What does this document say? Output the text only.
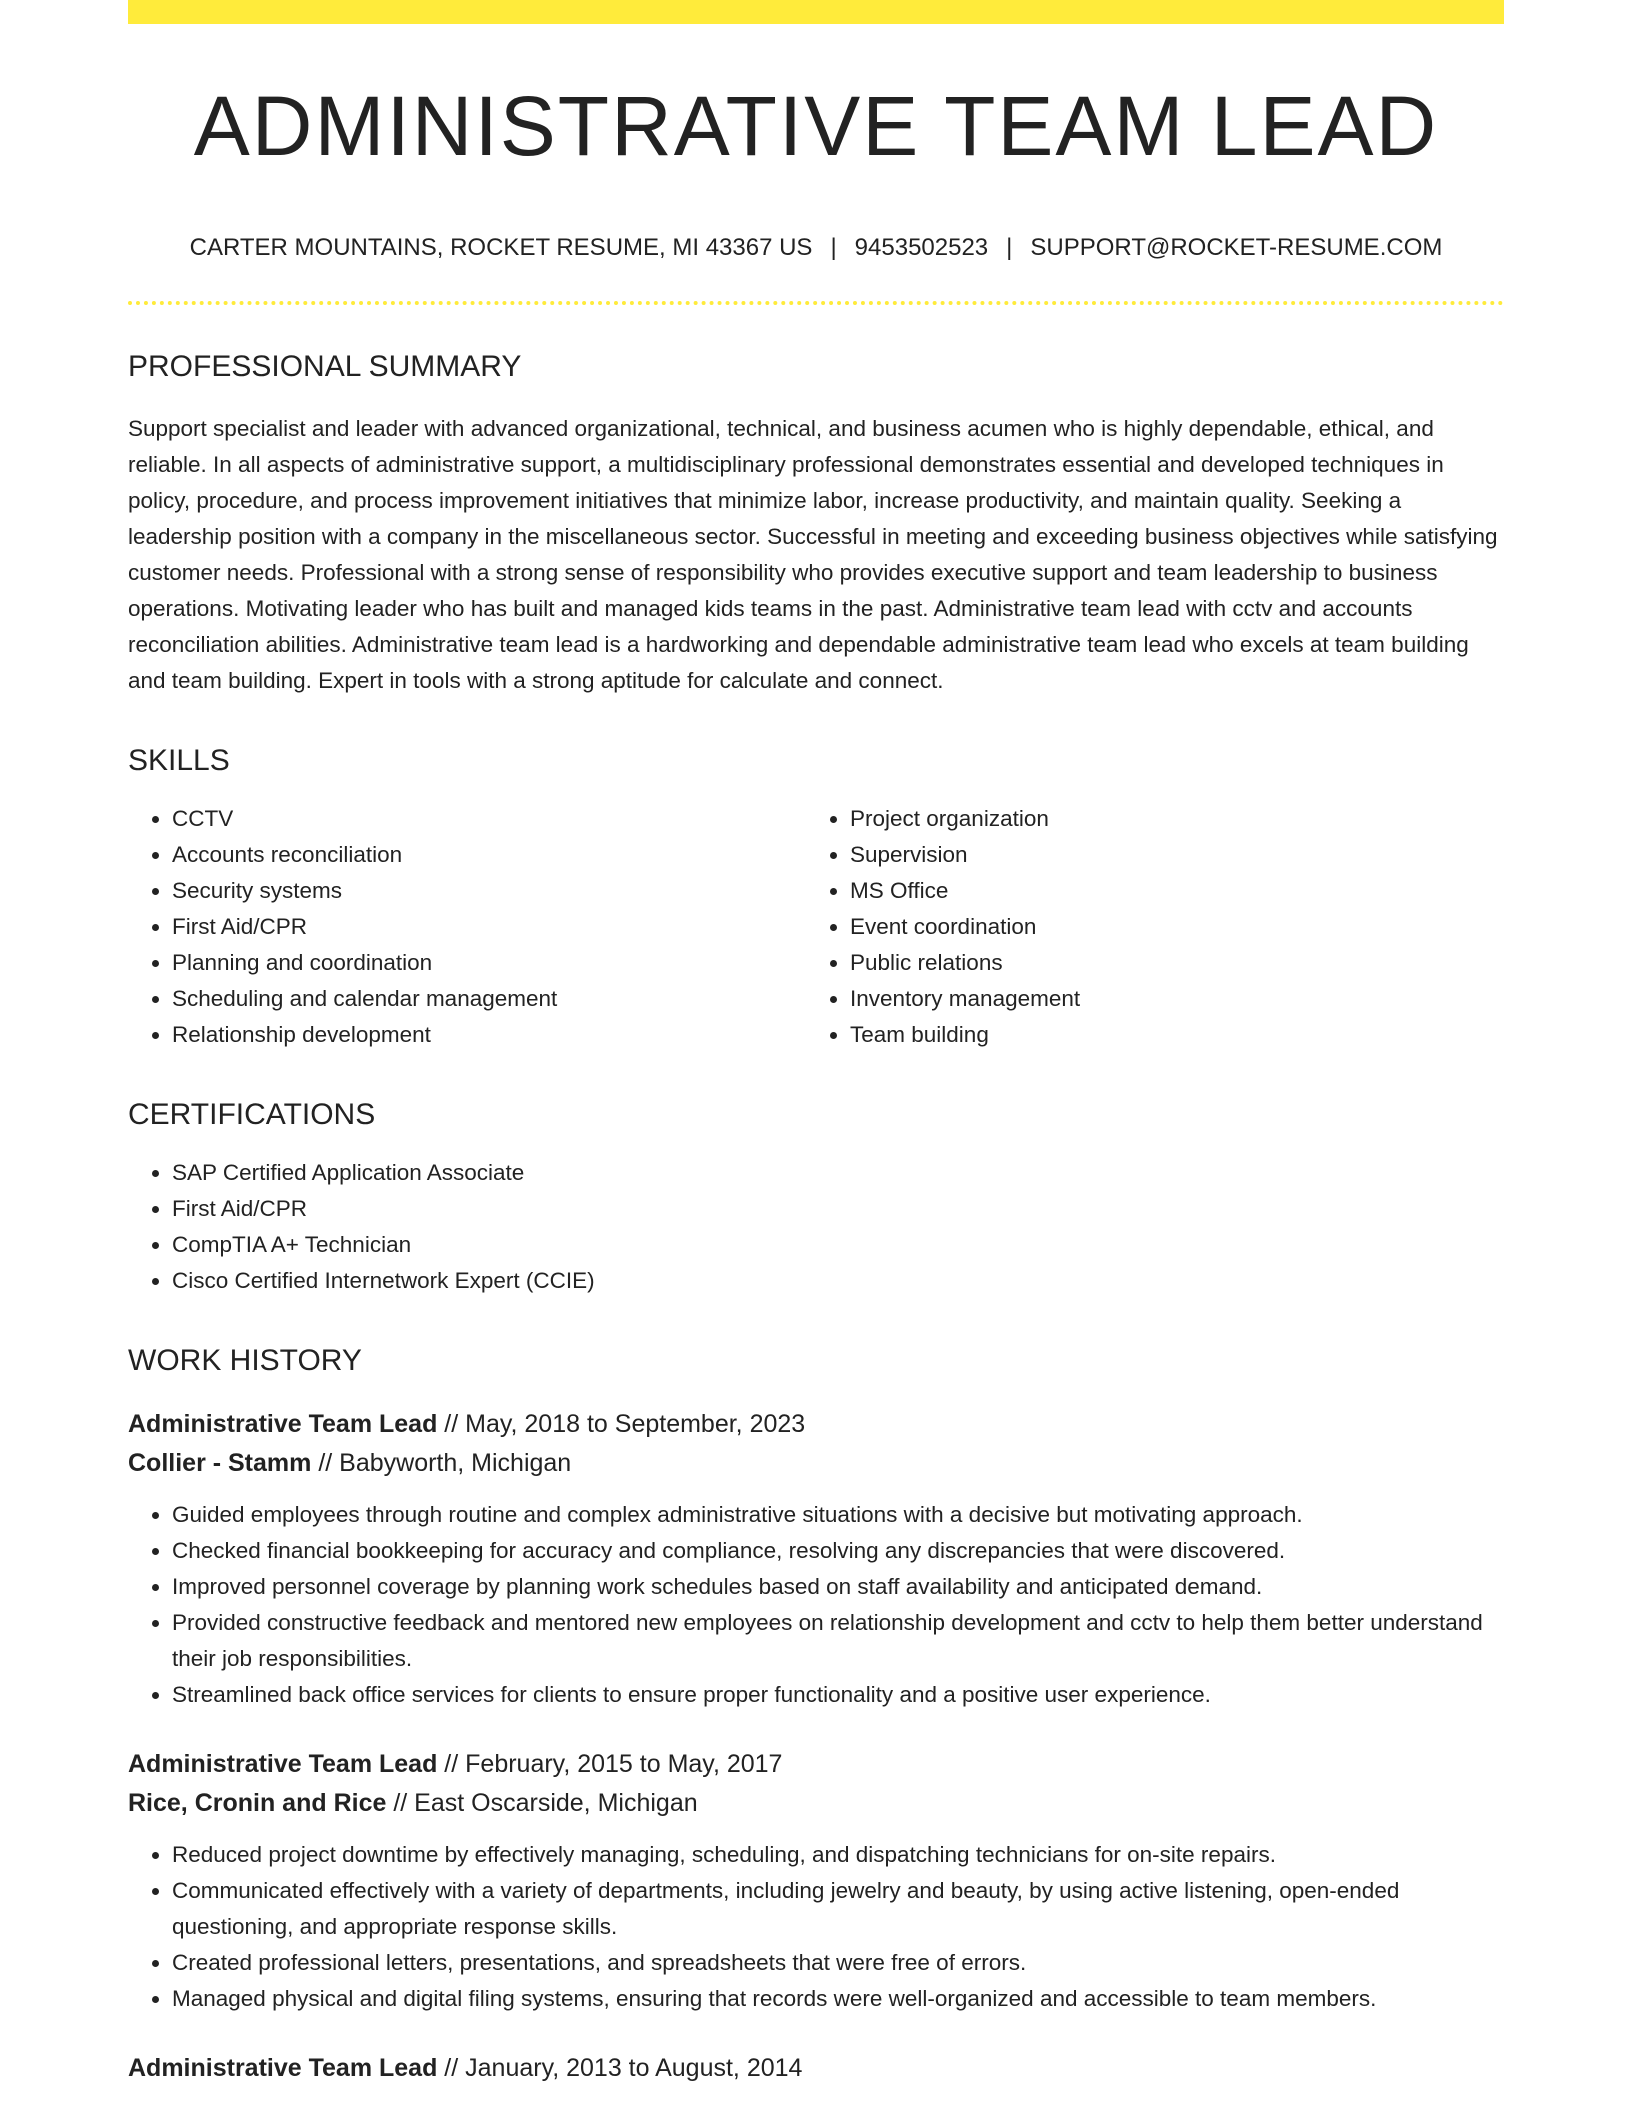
ADMINISTRATIVE TEAM LEAD
CARTER MOUNTAINS, ROCKET RESUME, MI 43367 US | 9453502523 | SUPPORT@ROCKET-RESUME.COM
PROFESSIONAL SUMMARY

Support specialist and leader with advanced organizational, technical, and business acumen who is highly dependable, ethical, and reliable. In all aspects of administrative support, a multidisciplinary professional demonstrates essential and developed techniques in policy, procedure, and process improvement initiatives that minimize labor, increase productivity, and maintain quality. Seeking a leadership position with a company in the miscellaneous sector. Successful in meeting and exceeding business objectives while satisfying customer needs. Professional with a strong sense of responsibility who provides executive support and team leadership to business operations. Motivating leader who has built and managed kids teams in the past. Administrative team lead with cctv and accounts reconciliation abilities. Administrative team lead is a hardworking and dependable administrative team lead who excels at team building and team building. Expert in tools with a strong aptitude for calculate and connect.

SKILLS
• CCTV
• Accounts reconciliation
• Security systems
• First Aid/CPR
• Planning and coordination
• Scheduling and calendar management
• Relationship development
• Project organization
• Supervision
• MS Office
• Event coordination
• Public relations
• Inventory management
• Team building
CERTIFICATIONS
• SAP Certified Application Associate
• First Aid/CPR
• CompTIA A+ Technician
• Cisco Certified Internetwork Expert (CCIE)
WORK HISTORY
Administrative Team Lead // May, 2018 to September, 2023
Collier - Stamm // Babyworth, Michigan
• Guided employees through routine and complex administrative situations with a decisive but motivating approach.
• Checked financial bookkeeping for accuracy and compliance, resolving any discrepancies that were discovered.
• Improved personnel coverage by planning work schedules based on staff availability and anticipated demand.
• Provided constructive feedback and mentored new employees on relationship development and cctv to help them better understand their job responsibilities.
• Streamlined back office services for clients to ensure proper functionality and a positive user experience.
Administrative Team Lead // February, 2015 to May, 2017
Rice, Cronin and Rice // East Oscarside, Michigan
• Reduced project downtime by effectively managing, scheduling, and dispatching technicians for on-site repairs.
• Communicated effectively with a variety of departments, including jewelry and beauty, by using active listening, open-ended questioning, and appropriate response skills.
• Created professional letters, presentations, and spreadsheets that were free of errors.
• Managed physical and digital filing systems, ensuring that records were well-organized and accessible to team members.
Administrative Team Lead // January, 2013 to August, 2014
